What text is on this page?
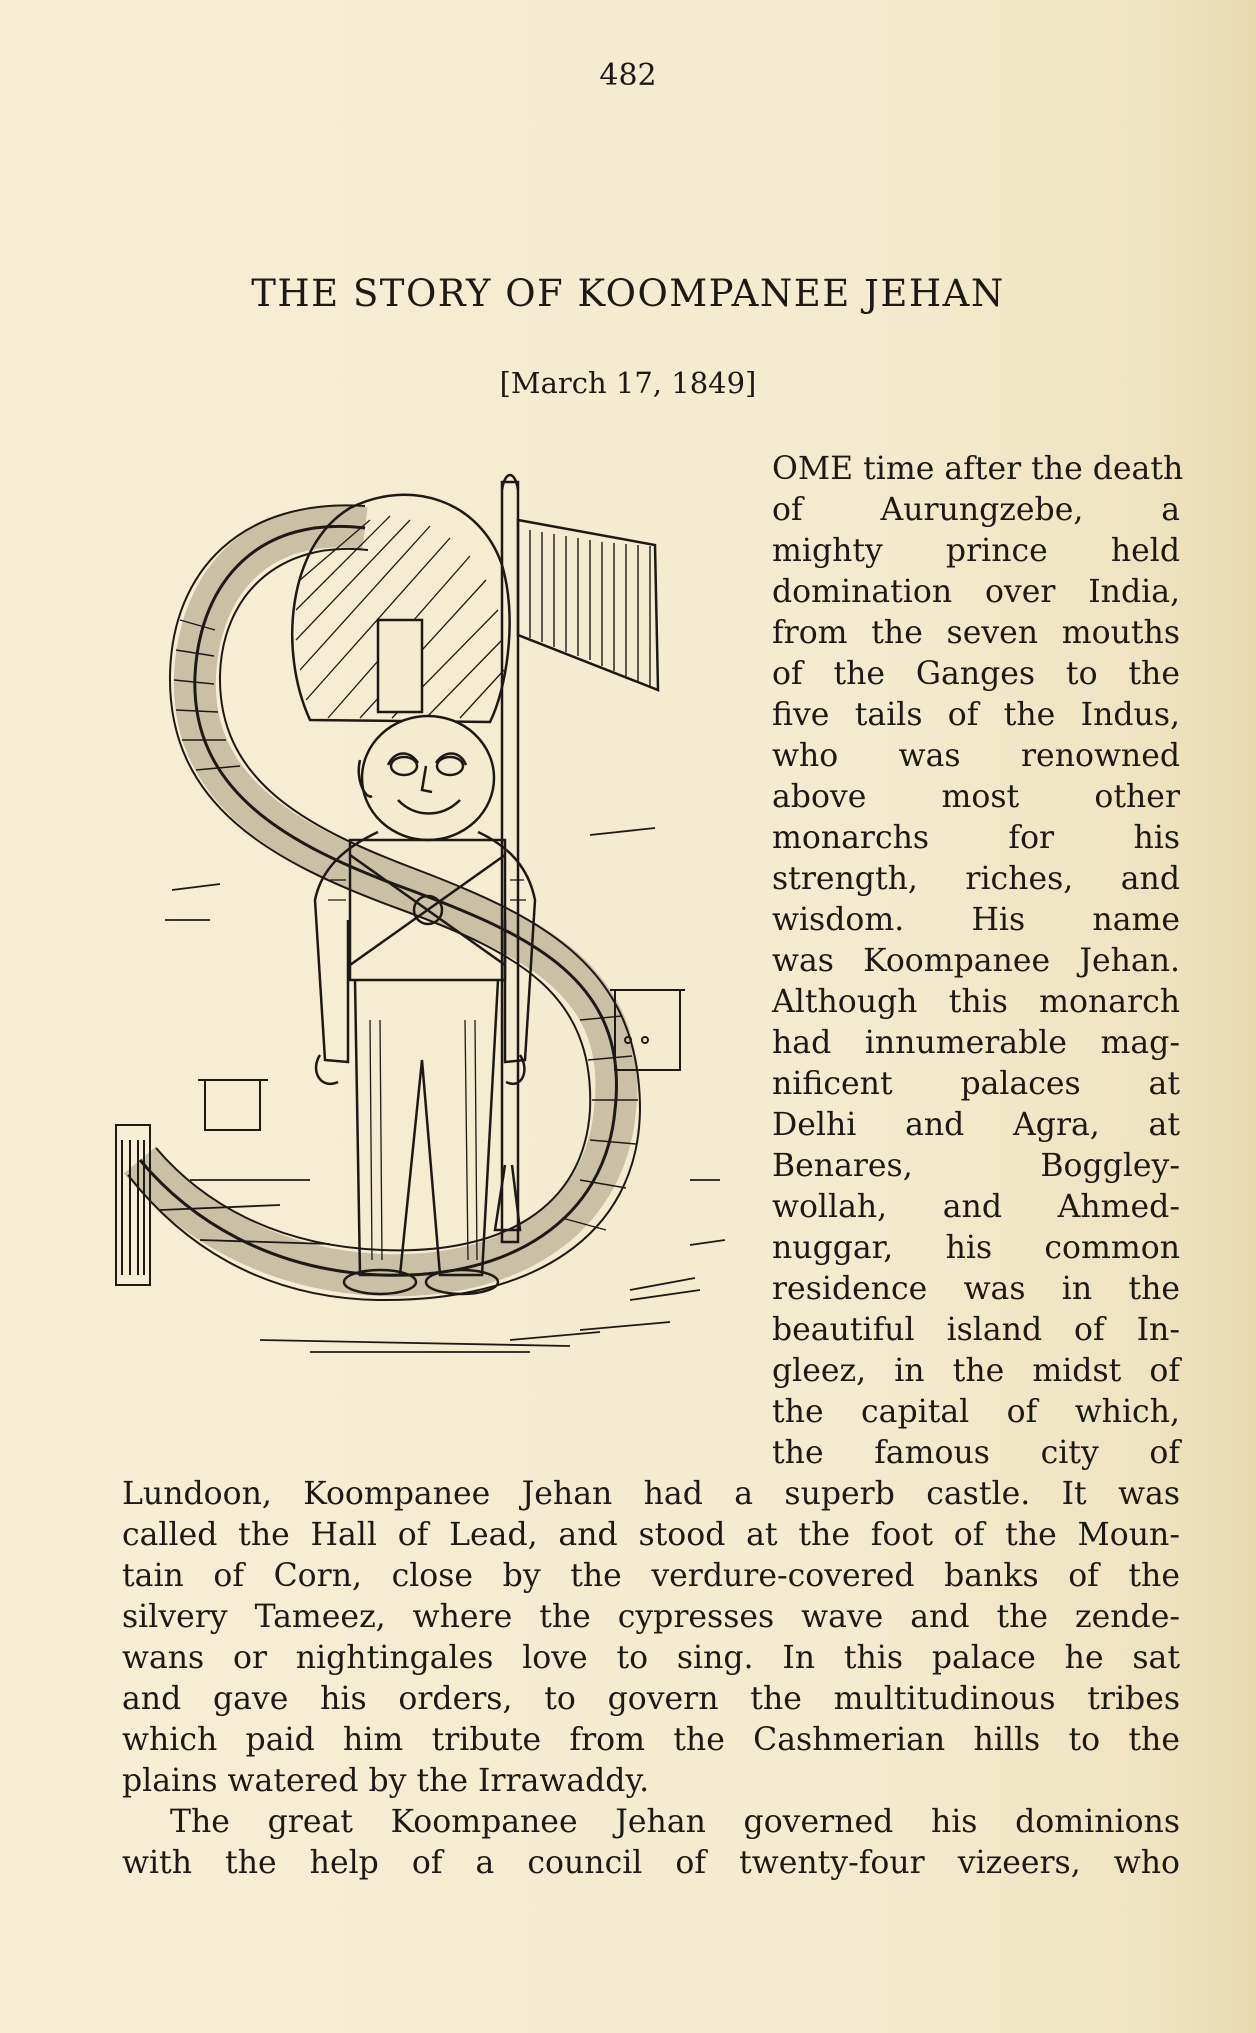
482
THE STORY OF KOOMPANEE JEHAN
[March 17, 1849]
OME time after the death
of Aurungzebe, a
mighty prince held
domination over India,
from the seven mouths
of the Ganges to the
five tails of the Indus,
who was renowned
above most other
monarchs for his
strength, riches, and
wisdom. His name
was Koompanee Jehan.
Although this monarch
had innumerable mag-
nificent palaces at
Delhi and Agra, at
Benares, Boggley-
wollah, and Ahmed-
nuggar, his common
residence was in the
beautiful island of In-
gleez, in the midst of
the capital of which,
the famous city of
Lundoon, Koompanee Jehan had a superb castle. It was
called the Hall of Lead, and stood at the foot of the Moun-
tain of Corn, close by the verdure-covered banks of the
silvery Tameez, where the cypresses wave and the zende-
wans or nightingales love to sing. In this palace he sat
and gave his orders, to govern the multitudinous tribes
which paid him tribute from the Cashmerian hills to the
plains watered by the Irrawaddy.
The great Koompanee Jehan governed his dominions
with the help of a council of twenty-four vizeers, who
